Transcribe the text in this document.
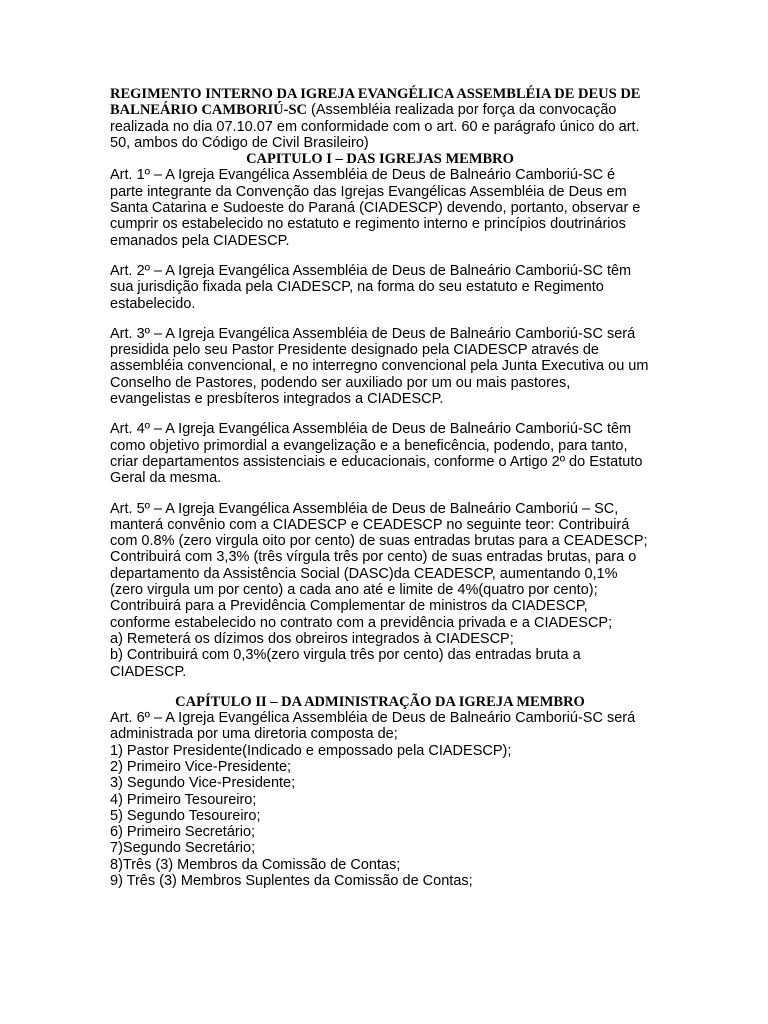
REGIMENTO INTERNO DA IGREJA EVANGÉLICA ASSEMBLÉIA DE DEUS DE BALNEÁRIO CAMBORIÚ-SC (Assembléia realizada por força da convocação realizada no dia 07.10.07 em conformidade com o art. 60 e parágrafo único do art. 50, ambos do Código de Civil Brasileiro)

CAPITULO I – DAS IGREJAS MEMBRO

Art. 1º – A Igreja Evangélica Assembléia de Deus de Balneário Camboriú-SC é parte integrante da Convenção das Igrejas Evangélicas Assembléia de Deus em Santa Catarina e Sudoeste do Paraná (CIADESCP) devendo, portanto, observar e cumprir os estabelecido no estatuto e regimento interno e princípios doutrinários emanados pela CIADESCP.

Art. 2º – A Igreja Evangélica Assembléia de Deus de Balneário Camboriú-SC têm sua jurisdição fixada pela CIADESCP, na forma do seu estatuto e Regimento estabelecido.

Art. 3º – A Igreja Evangélica Assembléia de Deus de Balneário Camboriú-SC será presidida pelo seu Pastor Presidente designado pela CIADESCP através de assembléia convencional, e no interregno convencional pela Junta Executiva ou um Conselho de Pastores, podendo ser auxiliado por um ou mais pastores, evangelistas e presbíteros integrados a CIADESCP.

Art. 4º – A Igreja Evangélica Assembléia de Deus de Balneário Camboriú-SC têm como objetivo primordial a evangelização e a beneficência, podendo, para tanto, criar departamentos assistenciais e educacionais, conforme o Artigo 2º do Estatuto Geral da mesma.

Art. 5º – A Igreja Evangélica Assembléia de Deus de Balneário Camboriú – SC, manterá convênio com a CIADESCP e CEADESCP no seguinte teor: Contribuirá com 0.8% (zero virgula oito por cento) de suas entradas brutas para a CEADESCP; Contribuirá com 3,3% (três vírgula três por cento) de suas entradas brutas, para o departamento da Assistência Social (DASC)da CEADESCP, aumentando 0,1% (zero virgula um por cento) a cada ano até e limite de 4%(quatro por cento); Contribuirá para a Previdência Complementar de ministros da CIADESCP, conforme estabelecido no contrato com a previdência privada e a CIADESCP;

a) Remeterá os dízimos dos obreiros integrados à CIADESCP;

b) Contribuirá com 0,3%(zero virgula três por cento) das entradas bruta a CIADESCP.

CAPÍTULO II – DA ADMINISTRAÇÃO DA IGREJA MEMBRO

Art. 6º – A Igreja Evangélica Assembléia de Deus de Balneário Camboriú-SC será administrada por uma diretoria composta de;

1) Pastor Presidente(Indicado e empossado pela CIADESCP);

2) Primeiro Vice-Presidente;

3) Segundo Vice-Presidente;

4) Primeiro Tesoureiro;

5) Segundo Tesoureiro;

6) Primeiro Secretário;

7)Segundo Secretário;

8)Três (3) Membros da Comissão de Contas;

9) Três (3) Membros Suplentes da Comissão de Contas;
